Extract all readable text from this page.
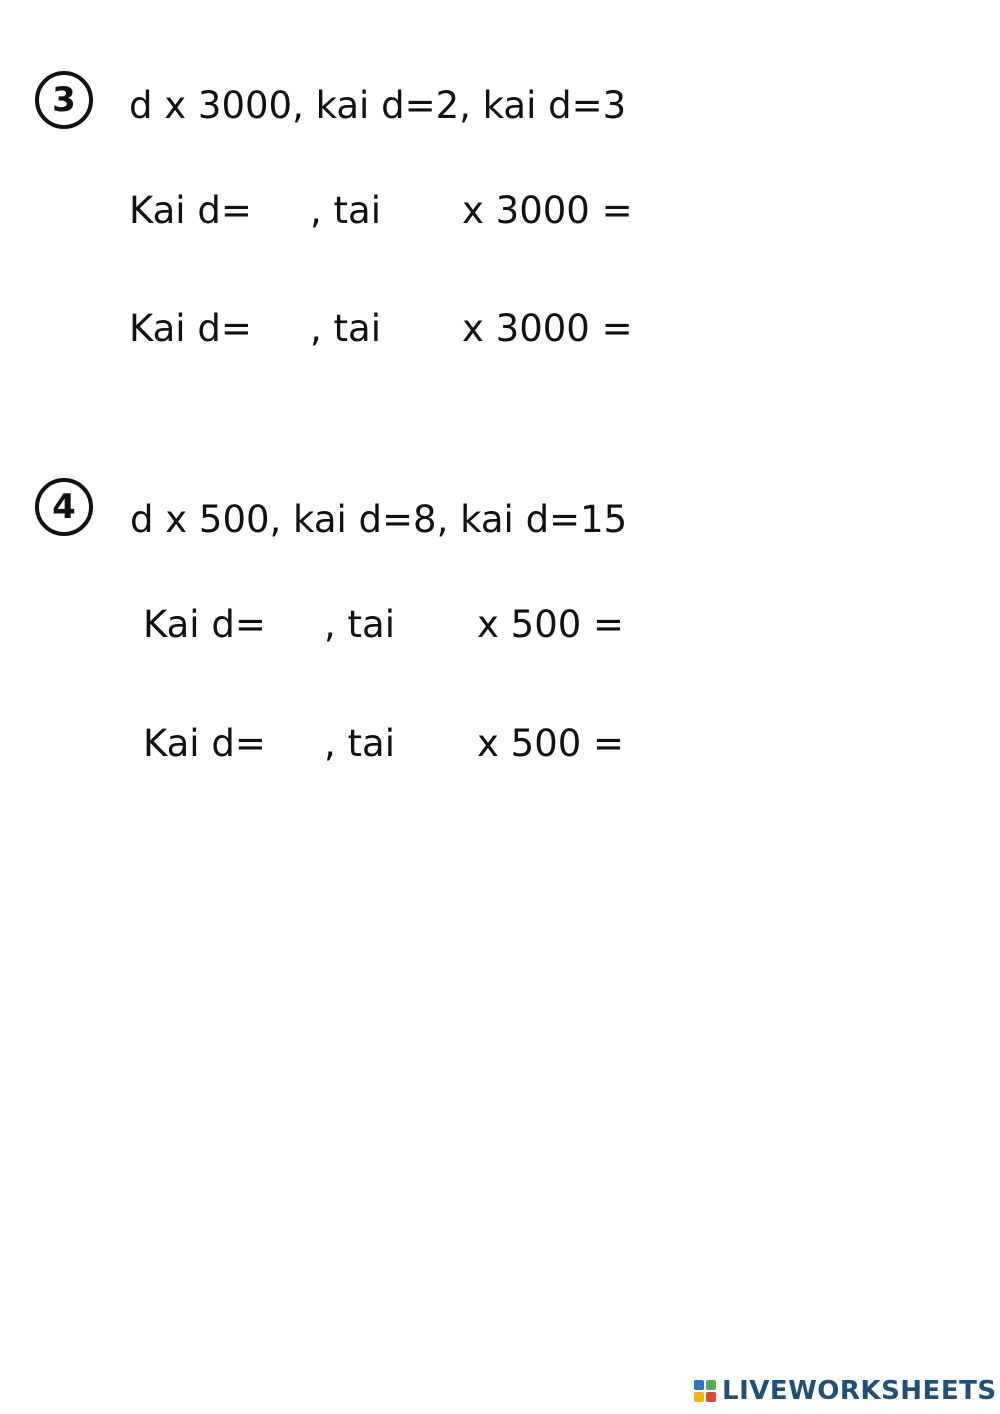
3 d x 3000, kai d=2, kai d=3
Kai d= , tai x 3000 =
Kai d= , tai x 3000 =
4 d x 500, kai d=8, kai d=15
Kai d= , tai x 500 =
Kai d= , tai x 500 =
LIVEWORKSHEETS
